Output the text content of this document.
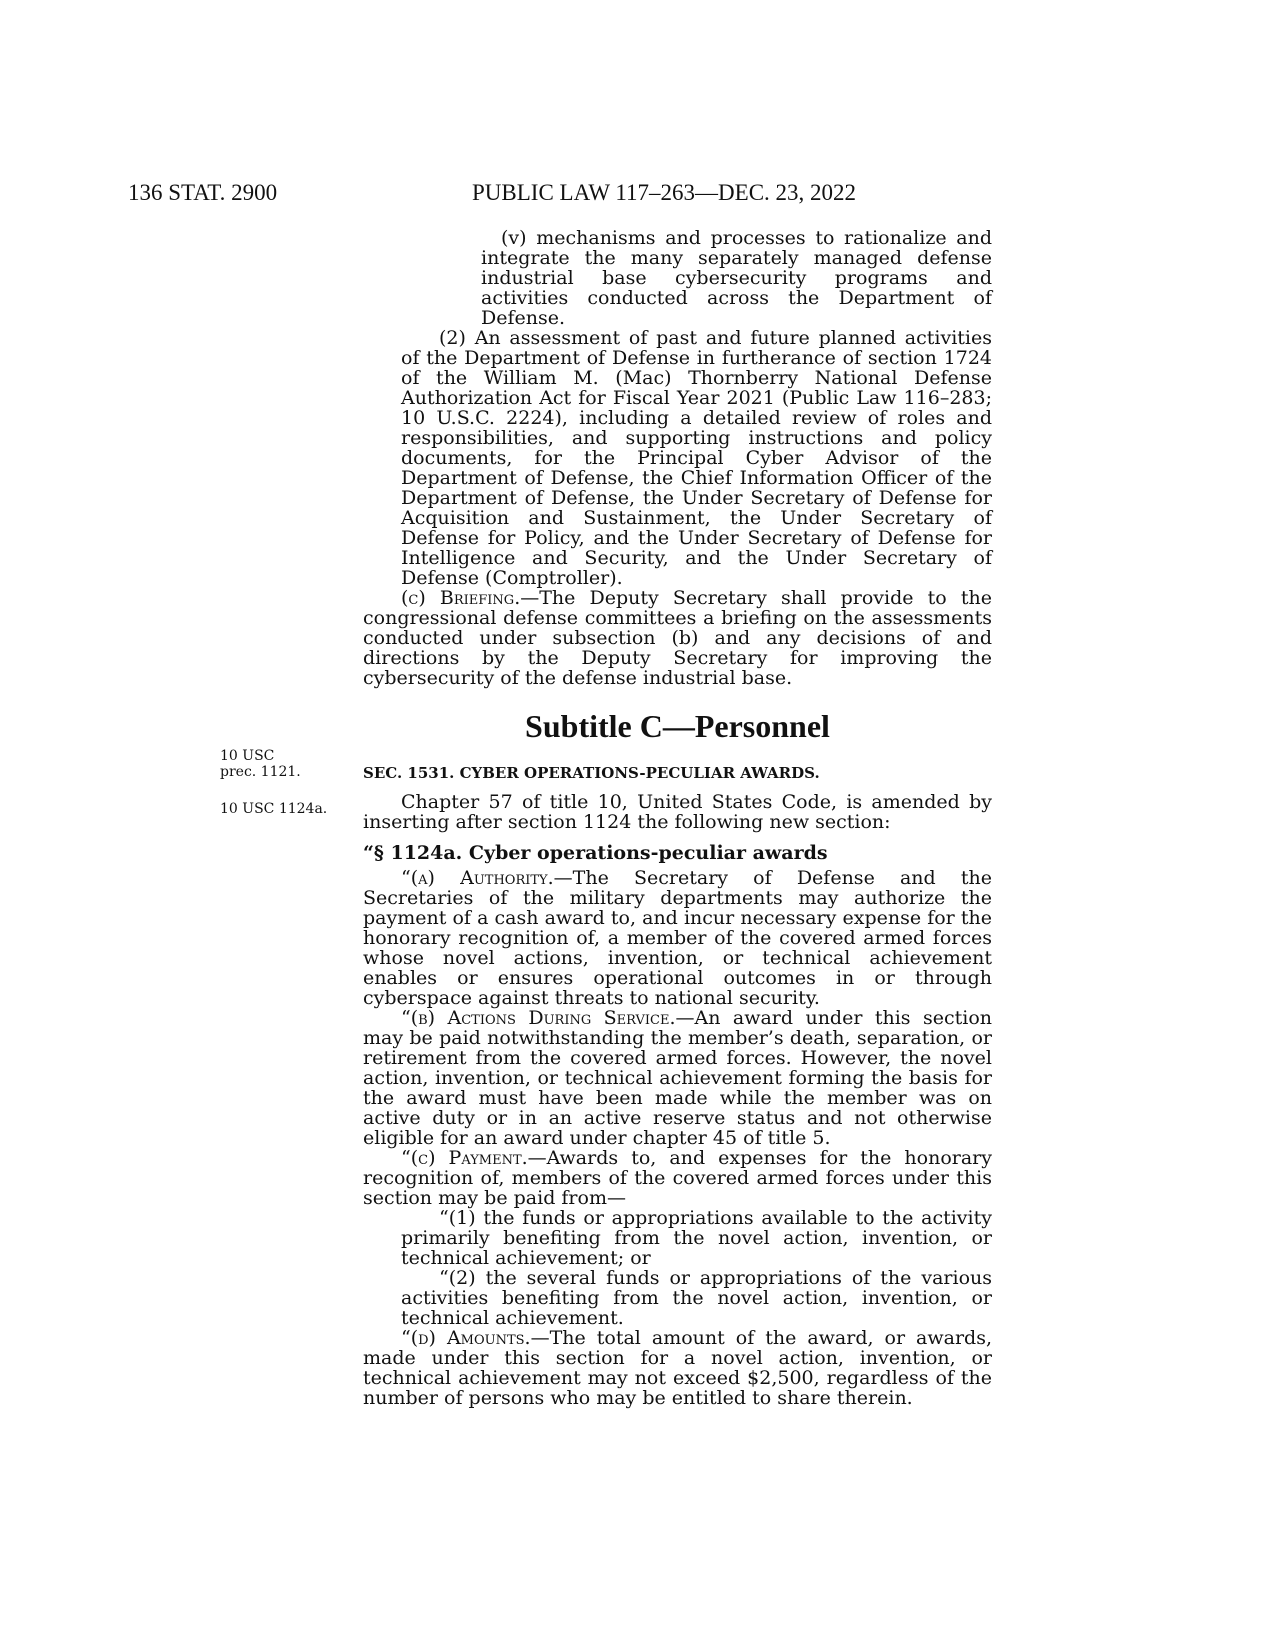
136 STAT. 2900	PUBLIC LAW 117–263—DEC. 23, 2022
10 USC
prec. 1121.
10 USC 1124a.

(v) mechanisms and processes to rationalize and integrate the many separately managed defense industrial base cybersecurity programs and activities conducted across the Department of Defense.

(2) An assessment of past and future planned activities of the Department of Defense in furtherance of section 1724 of the William M. (Mac) Thornberry National Defense Authorization Act for Fiscal Year 2021 (Public Law 116–283; 10 U.S.C. 2224), including a detailed review of roles and responsibilities, and supporting instructions and policy documents, for the Principal Cyber Advisor of the Department of Defense, the Chief Information Officer of the Department of Defense, the Under Secretary of Defense for Acquisition and Sustainment, the Under Secretary of Defense for Policy, and the Under Secretary of Defense for Intelligence and Security, and the Under Secretary of Defense (Comptroller).

(c) Briefing.—The Deputy Secretary shall provide to the congressional defense committees a briefing on the assessments conducted under subsection (b) and any decisions of and directions by the Deputy Secretary for improving the cybersecurity of the defense industrial base.

Subtitle C—Personnel
SEC. 1531. CYBER OPERATIONS-PECULIAR AWARDS.

Chapter 57 of title 10, United States Code, is amended by inserting after section 1124 the following new section:

“§ 1124a. Cyber operations-peculiar awards

“(a) Authority.—The Secretary of Defense and the Secretaries of the military departments may authorize the payment of a cash award to, and incur necessary expense for the honorary recognition of, a member of the covered armed forces whose novel actions, invention, or technical achievement enables or ensures operational outcomes in or through cyberspace against threats to national security.

“(b) Actions During Service.—An award under this section may be paid notwithstanding the member’s death, separation, or retirement from the covered armed forces. However, the novel action, invention, or technical achievement forming the basis for the award must have been made while the member was on active duty or in an active reserve status and not otherwise eligible for an award under chapter 45 of title 5.

“(c) Payment.—Awards to, and expenses for the honorary recognition of, members of the covered armed forces under this section may be paid from—

“(1) the funds or appropriations available to the activity primarily benefiting from the novel action, invention, or technical achievement; or

“(2) the several funds or appropriations of the various activities benefiting from the novel action, invention, or technical achievement.

“(d) Amounts.—The total amount of the award, or awards, made under this section for a novel action, invention, or technical achievement may not exceed $2,500, regardless of the number of persons who may be entitled to share therein.
